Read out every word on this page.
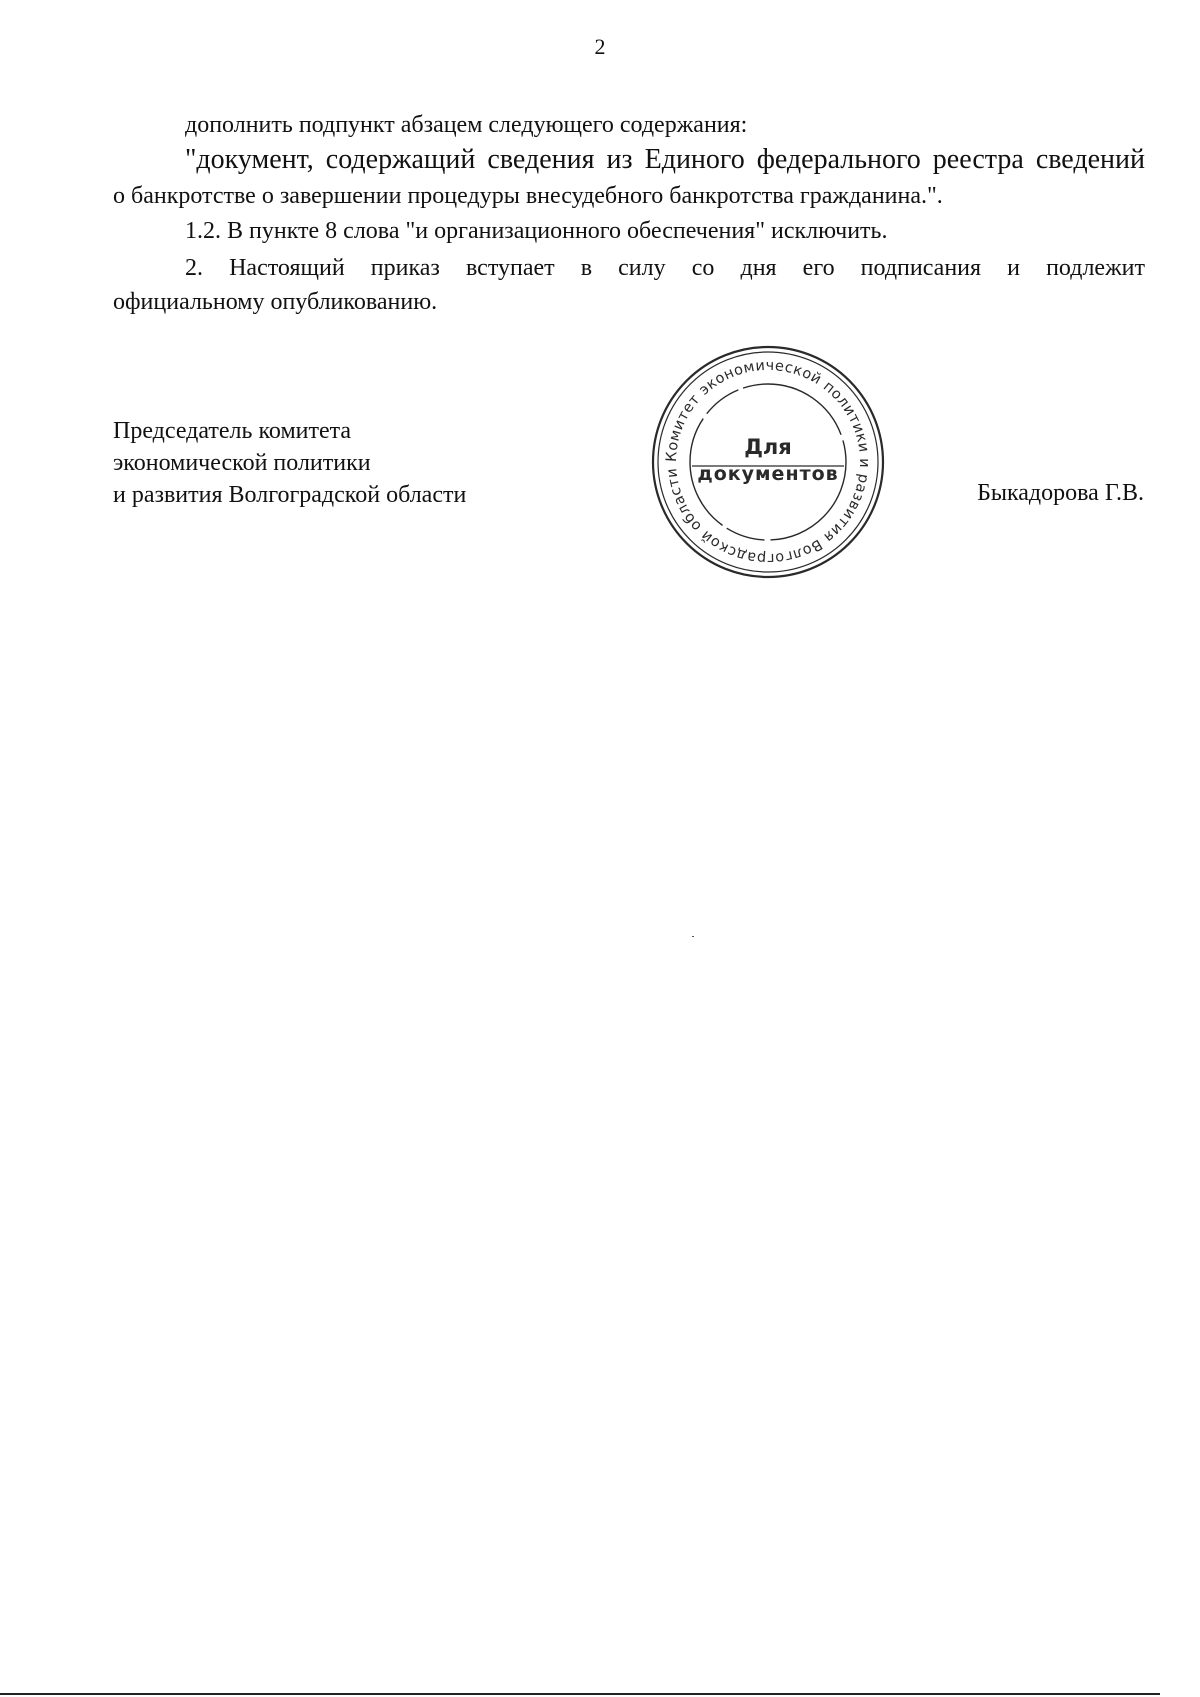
2
дополнить подпункт абзацем следующего содержания:
"документ, содержащий сведения из Единого федерального реестра сведений
о банкротстве о завершении процедуры внесудебного банкротства гражданина.".
1.2. В пункте 8 слова "и организационного обеспечения" исключить.
2. Настоящий приказ вступает в силу со дня его подписания и подлежит
официальному опубликованию.
Председатель комитета
экономической политики
и развития Волгоградской области
Комитет экономической политики и развития Волгоградской области
Для
документов
Быкадорова Г.В.
